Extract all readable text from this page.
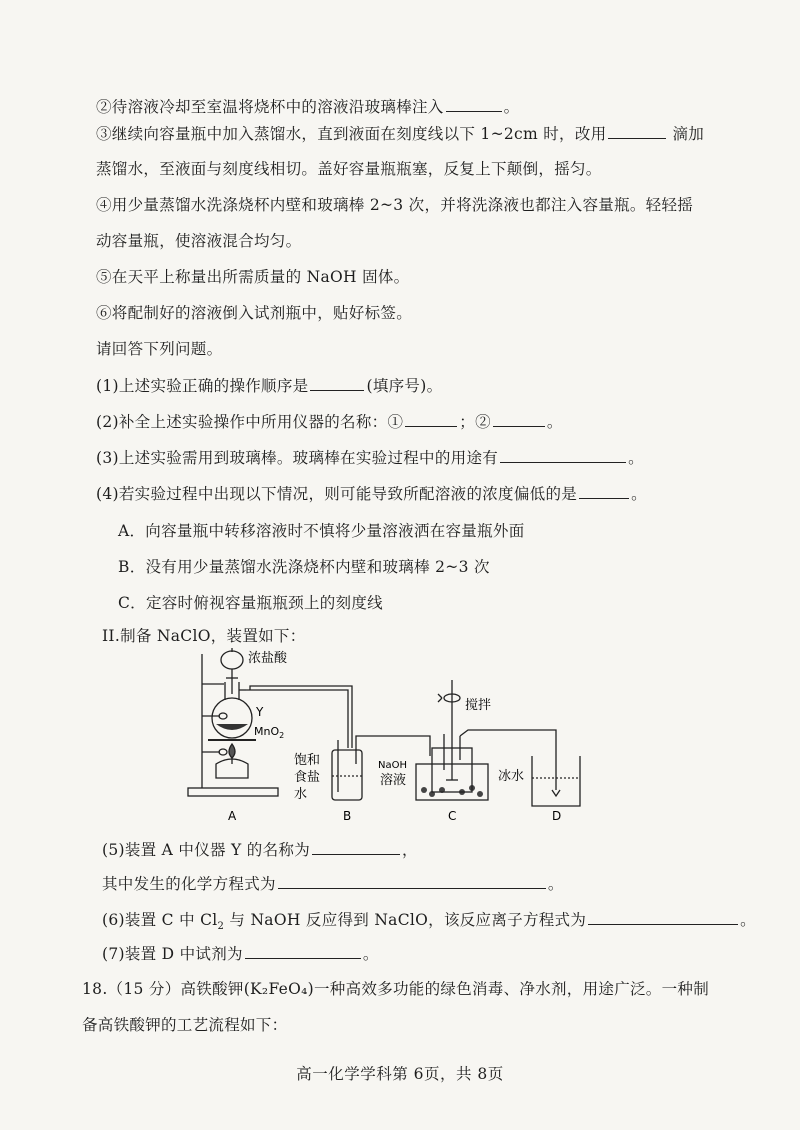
②待溶液冷却至室温将烧杯中的溶液沿玻璃棒注入	。
③继续向容量瓶中加入蒸馏水，直到液面在刻度线以下 1~2cm 时，改用	滴加
蒸馏水，至液面与刻度线相切。盖好容量瓶瓶塞，反复上下颠倒，摇匀。
④用少量蒸馏水洗涤烧杯内壁和玻璃棒 2~3 次，并将洗涤液也都注入容量瓶。轻轻摇
动容量瓶，使溶液混合均匀。
⑤在天平上称量出所需质量的 NaOH 固体。
⑥将配制好的溶液倒入试剂瓶中，贴好标签。
请回答下列问题。
(1)上述实验正确的操作顺序是	(填序号)。
(2)补全上述实验操作中所用仪器的名称：①	；②	。
(3)上述实验需用到玻璃棒。玻璃棒在实验过程中的用途有	。
(4)若实验过程中出现以下情况，则可能导致所配溶液的浓度偏低的是	。
A．向容量瓶中转移溶液时不慎将少量溶液洒在容量瓶外面
B．没有用少量蒸馏水洗涤烧杯内壁和玻璃棒 2~3 次
C．定容时俯视容量瓶瓶颈上的刻度线
II.制备 NaClO，装置如下：
浓盐酸
Y
MnO$_2$
饱和
食盐
水
搅拌
NaOH
溶液	冰水
A	B	C	D
(5)装置 A 中仪器 Y 的名称为	，
其中发生的化学方程式为	。
(6)装置 C 中 $Cl_2$ 与 NaOH 反应得到 NaClO，该反应离子方程式为	。
(7)装置 D 中试剂为	。
18.（15 分）高铁酸钾(K₂FeO₄)一种高效多功能的绿色消毒、净水剂，用途广泛。一种制
备高铁酸钾的工艺流程如下：
高一化学学科第 6页，共 8页
